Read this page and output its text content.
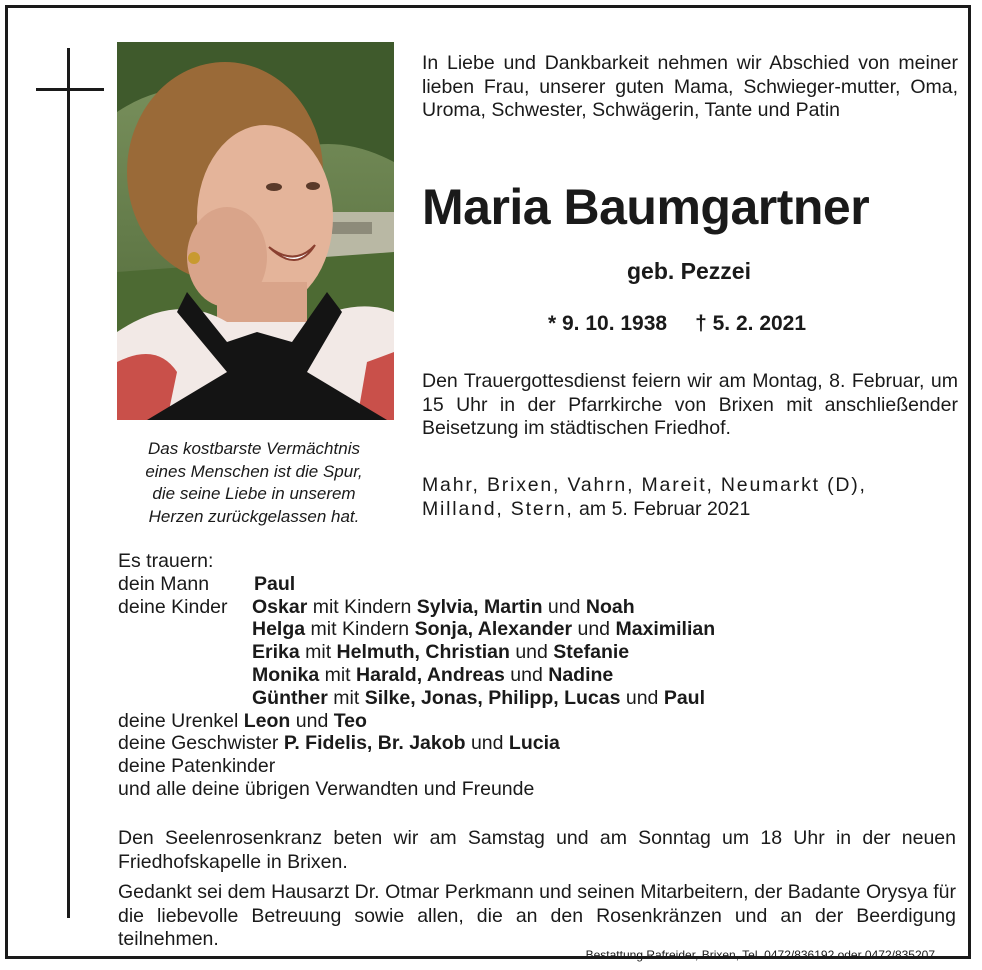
Das kostbarste Vermächtnis
eines Menschen ist die Spur,
die seine Liebe in unserem
Herzen zurückgelassen hat.
In Liebe und Dankbarkeit nehmen wir Abschied von meiner lieben Frau, unserer guten Mama, Schwieger-mutter, Oma, Uroma, Schwester, Schwägerin, Tante und Patin
Maria Baumgartner
geb. Pezzei
* 9. 10. 1938 † 5. 2. 2021
Den Trauergottesdienst feiern wir am Montag, 8. Februar, um 15 Uhr in der Pfarrkirche von Brixen mit anschließender Beisetzung im städtischen Friedhof.
Mahr, Brixen, Vahrn, Mareit, Neumarkt (D),
Milland, Stern, am 5. Februar 2021
Es trauern:
dein Mann Paul
deine Kinder Oskar mit Kindern Sylvia, Martin und Noah
Helga mit Kindern Sonja, Alexander und Maximilian
Erika mit Helmuth, Christian und Stefanie
Monika mit Harald, Andreas und Nadine
Günther mit Silke, Jonas, Philipp, Lucas und Paul
deine Urenkel Leon und Teo
deine Geschwister P. Fidelis, Br. Jakob und Lucia
deine Patenkinder
und alle deine übrigen Verwandten und Freunde
Den Seelenrosenkranz beten wir am Samstag und am Sonntag um 18 Uhr in der neuen Friedhofskapelle in Brixen.
Gedankt sei dem Hausarzt Dr. Otmar Perkmann und seinen Mitarbeitern, der Badante Orysya für die liebevolle Betreuung sowie allen, die an den Rosenkränzen und an der Beerdigung teilnehmen.
Bestattung Rafreider, Brixen, Tel. 0472/836192 oder 0472/835207
